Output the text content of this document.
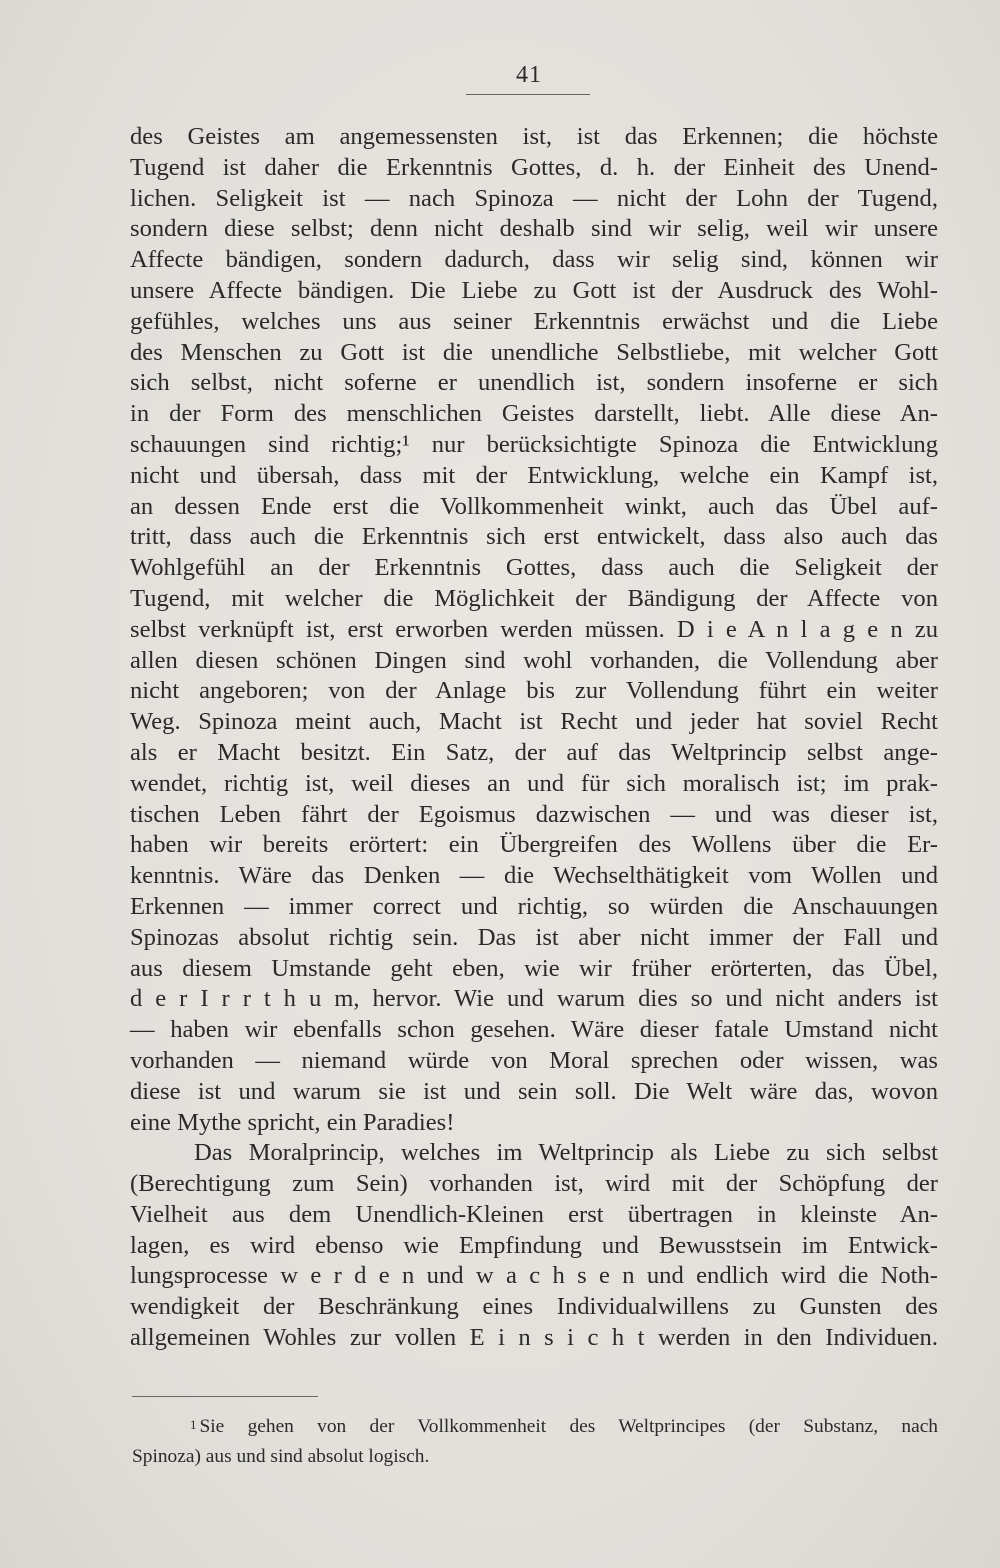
41
des Geistes am angemessensten ist, ist das Erkennen; die höchste
Tugend ist daher die Erkenntnis Gottes, d. h. der Einheit des Unend-
lichen. Seligkeit ist — nach Spinoza — nicht der Lohn der Tugend,
sondern diese selbst; denn nicht deshalb sind wir selig, weil wir unsere
Affecte bändigen, sondern dadurch, dass wir selig sind, können wir
unsere Affecte bändigen. Die Liebe zu Gott ist der Ausdruck des Wohl-
gefühles, welches uns aus seiner Erkenntnis erwächst und die Liebe
des Menschen zu Gott ist die unendliche Selbstliebe, mit welcher Gott
sich selbst, nicht soferne er unendlich ist, sondern insoferne er sich
in der Form des menschlichen Geistes darstellt, liebt. Alle diese An-
schauungen sind richtig;¹ nur berücksichtigte Spinoza die Entwicklung
nicht und übersah, dass mit der Entwicklung, welche ein Kampf ist,
an dessen Ende erst die Vollkommenheit winkt, auch das Übel auf-
tritt, dass auch die Erkenntnis sich erst entwickelt, dass also auch das
Wohlgefühl an der Erkenntnis Gottes, dass auch die Seligkeit der
Tugend, mit welcher die Möglichkeit der Bändigung der Affecte von
selbst verknüpft ist, erst erworben werden müssen. D i e A n l a g e n zu
allen diesen schönen Dingen sind wohl vorhanden, die Vollendung aber
nicht angeboren; von der Anlage bis zur Vollendung führt ein weiter
Weg. Spinoza meint auch, Macht ist Recht und jeder hat soviel Recht
als er Macht besitzt. Ein Satz, der auf das Weltprincip selbst ange-
wendet, richtig ist, weil dieses an und für sich moralisch ist; im prak-
tischen Leben fährt der Egoismus dazwischen — und was dieser ist,
haben wir bereits erörtert: ein Übergreifen des Wollens über die Er-
kenntnis. Wäre das Denken — die Wechselthätigkeit vom Wollen und
Erkennen — immer correct und richtig, so würden die Anschauungen
Spinozas absolut richtig sein. Das ist aber nicht immer der Fall und
aus diesem Umstande geht eben, wie wir früher erörterten, das Übel,
d e r I r r t h u m, hervor. Wie und warum dies so und nicht anders ist
— haben wir ebenfalls schon gesehen. Wäre dieser fatale Umstand nicht
vorhanden — niemand würde von Moral sprechen oder wissen, was
diese ist und warum sie ist und sein soll. Die Welt wäre das, wovon
eine Mythe spricht, ein Paradies!
Das Moralprincip, welches im Weltprincip als Liebe zu sich selbst
(Berechtigung zum Sein) vorhanden ist, wird mit der Schöpfung der
Vielheit aus dem Unendlich-Kleinen erst übertragen in kleinste An-
lagen, es wird ebenso wie Empfindung und Bewusstsein im Entwick-
lungsprocesse w e r d e n und w a c h s e n und endlich wird die Noth-
wendigkeit der Beschränkung eines Individualwillens zu Gunsten des
allgemeinen Wohles zur vollen E i n s i c h t werden in den Individuen.
$^1$ Sie gehen von der Vollkommenheit des Weltprincipes (der Substanz, nach
Spinoza) aus und sind absolut logisch.
